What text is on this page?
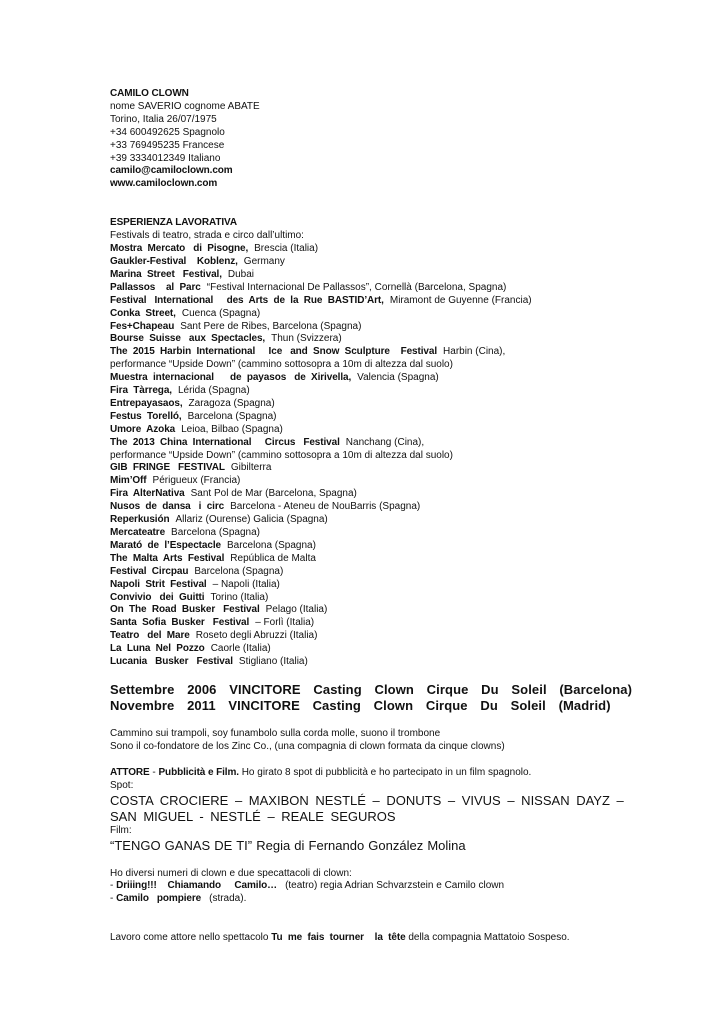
CAMILO CLOWN
nome SAVERIO cognome ABATE
Torino, Italia 26/07/1975
+34 600492625 Spagnolo
+33 769495235 Francese
+39 3334012349 Italiano
camilo@camiloclown.com
www.camiloclown.com
ESPERIENZA LAVORATIVA
Festivals di teatro, strada e circo dall’ultimo:
Mostra  Mercato   di  Pisogne, Brescia (Italia)
Gaukler-Festival    Koblenz, Germany
Marina  Street   Festival, Dubai
Pallassos    al  Parc “Festival Internacional De Pallassos”, Cornellà (Barcelona, Spagna)
Festival   International     des  Arts  de  la  Rue  BASTID’Art, Miramont de Guyenne (Francia)
Conka  Street, Cuenca (Spagna)
Fes+Chapeau Sant Pere de Ribes, Barcelona (Spagna)
Bourse  Suisse   aux  Spectacles, Thun (Svizzera)
The  2015  Harbin  International     Ice   and  Snow  Sculpture    Festival Harbin (Cina),
performance “Upside Down” (cammino sottosopra a 10m di altezza dal suolo)
Muestra  internacional      de  payasos   de  Xirivella, Valencia (Spagna)
Fira  Tàrrega, Lérida (Spagna)
Entrepayasaos, Zaragoza (Spagna)
Festus  Torelló, Barcelona (Spagna)
Umore  Azoka Leioa, Bilbao (Spagna)
The  2013  China  International     Circus   Festival Nanchang (Cina),
performance “Upside Down” (cammino sottosopra a 10m di altezza dal suolo)
GIB  FRINGE   FESTIVAL Gibilterra
Mim’Off Périgueux (Francia)
Fira  AlterNativa Sant Pol de Mar (Barcelona, Spagna)
Nusos  de  dansa   i  circ Barcelona - Ateneu de NouBarris (Spagna)
Reperkusión Allariz (Ourense) Galicia (Spagna)
Mercateatre Barcelona (Spagna)
Marató  de  l’Espectacle Barcelona (Spagna)
The  Malta  Arts  Festival República de Malta
Festival  Circpau Barcelona (Spagna)
Napoli  Strit  Festival – Napoli (Italia)
Convivio   dei  Guitti Torino (Italia)
On  The  Road  Busker   Festival Pelago (Italia)
Santa  Sofia  Busker   Festival – Forlì (Italia)
Teatro   del  Mare Roseto degli Abruzzi (Italia)
La  Luna  Nel  Pozzo Caorle (Italia)
Lucania   Busker   Festival Stigliano (Italia)
Settembre 2006 VINCITORE Casting Clown Cirque Du Soleil (Barcelona)
Novembre 2011 VINCITORE Casting Clown Cirque Du Soleil (Madrid)
Cammino sui trampoli, soy funambolo sulla corda molle, suono il trombone
Sono il co-fondatore de los Zinc Co., (una compagnia di clown formata da cinque clowns)
ATTORE - Pubblicità e Film. Ho girato 8 spot di pubblicità e ho partecipato in un film spagnolo.
Spot:
COSTA CROCIERE – MAXIBON NESTLÉ – DONUTS – VIVUS – NISSAN DAYZ –
SAN MIGUEL - NESTLÉ – REALE SEGUROS
Film:
“TENGO GANAS DE TI” Regia di Fernando González Molina
Ho diversi numeri di clown e due specattacoli di clown:
- Driiing!!!    Chiamando     Camilo… (teatro) regia Adrian Schvarzstein e Camilo clown
- Camilo   pompiere (strada).
Lavoro come attore nello spettacolo Tu  me  fais  tourner    la  tête della compagnia Mattatoio Sospeso.
